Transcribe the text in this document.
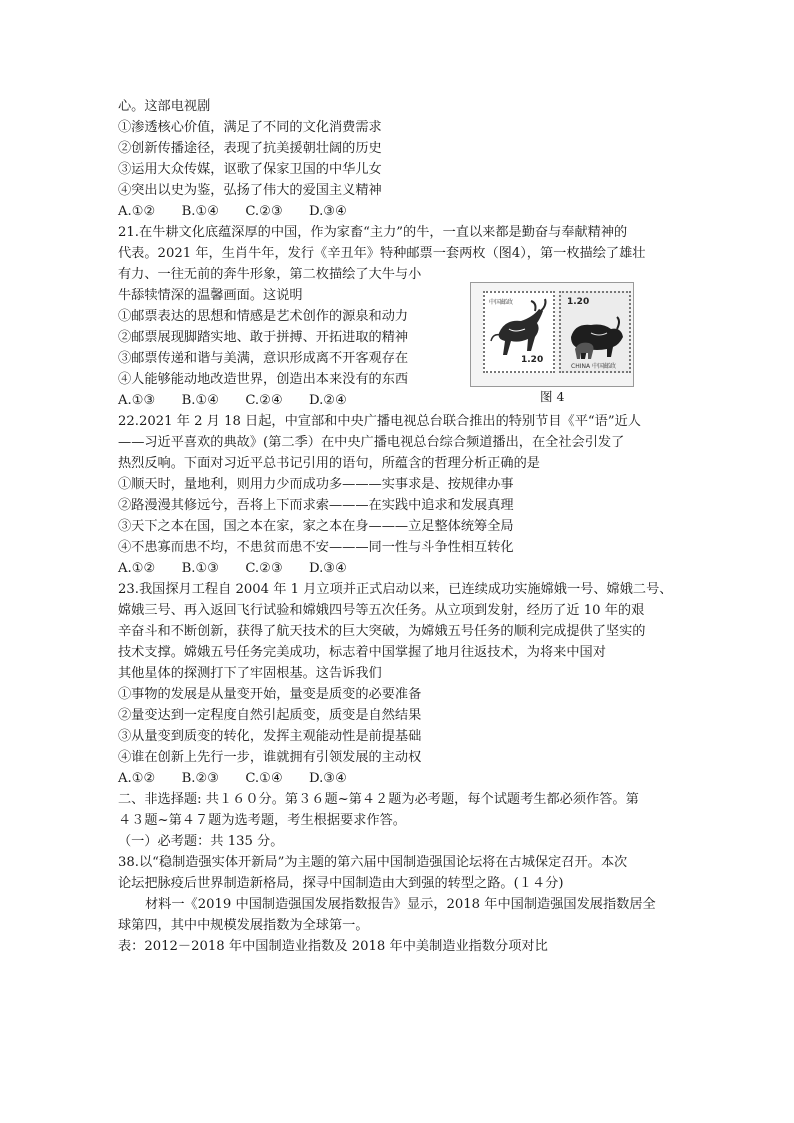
心。这部电视剧
①渗透核心价值，满足了不同的文化消费需求
②创新传播途径，表现了抗美援朝壮阔的历史
③运用大众传媒，讴歌了保家卫国的中华儿女
④突出以史为鉴，弘扬了伟大的爱国主义精神
A.①② B.①④ C.②③ D.③④
21.在牛耕文化底蕴深厚的中国，作为家畜“主力”的牛，一直以来都是勤奋与奉献精神的
代表。2021 年，生肖牛年，发行《辛丑年》特种邮票一套两枚（图4），第一枚描绘了雄壮
有力、一往无前的奔牛形象，第二枚描绘了大牛与小
牛舔犊情深的温馨画面。这说明
①邮票表达的思想和情感是艺术创作的源泉和动力
②邮票展现脚踏实地、敢于拼搏、开拓进取的精神
③邮票传递和谐与美满，意识形成离不开客观存在
④人能够能动地改造世界，创造出本来没有的东西
A.①③ B.①④ C.②④ D.②④
中国邮政
1.20
1.20
CHINA 中国邮政
图 4
22.2021 年 2 月 18 日起，中宣部和中央广播电视总台联合推出的特别节目《平“语”近人
——习近平喜欢的典故》(第二季）在中央广播电视总台综合频道播出，在全社会引发了
热烈反响。下面对习近平总书记引用的语句，所蕴含的哲理分析正确的是
①顺天时，量地利，则用力少而成功多———实事求是、按规律办事
②路漫漫其修远兮，吾将上下而求索———在实践中追求和发展真理
③天下之本在国，国之本在家，家之本在身———立足整体统筹全局
④不患寡而患不均，不患贫而患不安———同一性与斗争性相互转化
A.①② B.①③ C.②③ D.③④
23.我国探月工程自 2004 年 1 月立项并正式启动以来，已连续成功实施嫦娥一号、嫦娥二号、
嫦娥三号、再入返回飞行试验和嫦娥四号等五次任务。从立项到发射，经历了近 10 年的艰
辛奋斗和不断创新，获得了航天技术的巨大突破，为嫦娥五号任务的顺利完成提供了坚实的
技术支撑。嫦娥五号任务完美成功，标志着中国掌握了地月往返技术，为将来中国对
其他星体的探测打下了牢固根基。这告诉我们
①事物的发展是从量变开始，量变是质变的必要准备
②量变达到一定程度自然引起质变，质变是自然结果
③从量变到质变的转化，发挥主观能动性是前提基础
④谁在创新上先行一步，谁就拥有引领发展的主动权
A.①② B.②③ C.①④ D.③④
二、非选择题: 共１６０分。第３６题~第４２题为必考题，每个试题考生都必须作答。第
４３题~第４７题为选考题，考生根据要求作答。
（一）必考题：共 135 分。
38.以“稳制造强实体开新局”为主题的第六届中国制造强国论坛将在古城保定召开。本次
论坛把脉疫后世界制造新格局，探寻中国制造由大到强的转型之路。(１４分)
材料一《2019 中国制造强国发展指数报告》显示，2018 年中国制造强国发展指数居全
球第四，其中中规模发展指数为全球第一。
表：2012－2018 年中国制造业指数及 2018 年中美制造业指数分项对比
